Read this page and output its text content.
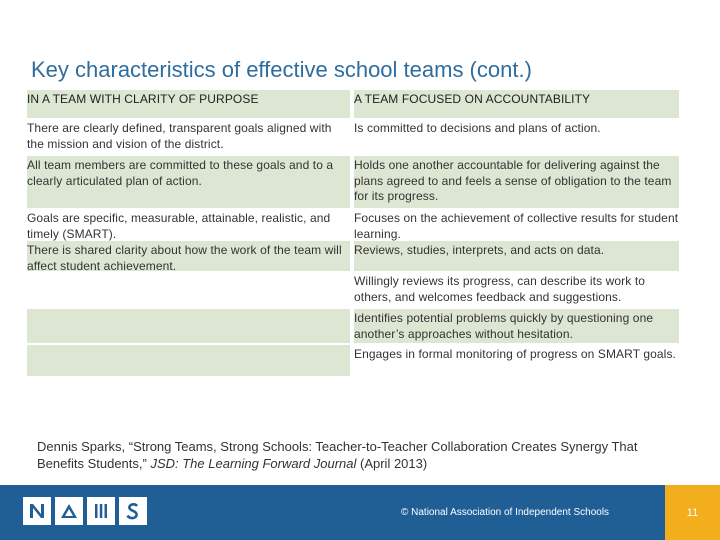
Key characteristics of effective school teams (cont.)
IN A TEAM WITH CLARITY OF PURPOSE	A TEAM FOCUSED ON ACCOUNTABILITY
There are clearly defined, transparent goals aligned with the mission and vision of the district.
Is committed to decisions and plans of action.
All team members are committed to these goals and to a clearly articulated plan of action.
Holds one another accountable for delivering against the plans agreed to and feels a sense of obligation to the team for its progress.
Goals are specific, measurable, attainable, realistic, and timely (SMART).
Focuses on the achievement of collective results for student learning.
There is shared clarity about how the work of the team will affect student achievement.
Reviews, studies, interprets, and acts on data.
Willingly reviews its progress, can describe its work to others, and welcomes feedback and suggestions.
Identifies potential problems quickly by questioning one another’s approaches without hesitation.
Engages in formal monitoring of progress on SMART goals.
Dennis Sparks, “Strong Teams, Strong Schools: Teacher-to-Teacher Collaboration Creates Synergy That Benefits Students,” JSD: The Learning Forward Journal (April 2013)
© National Association of Independent Schools	11
